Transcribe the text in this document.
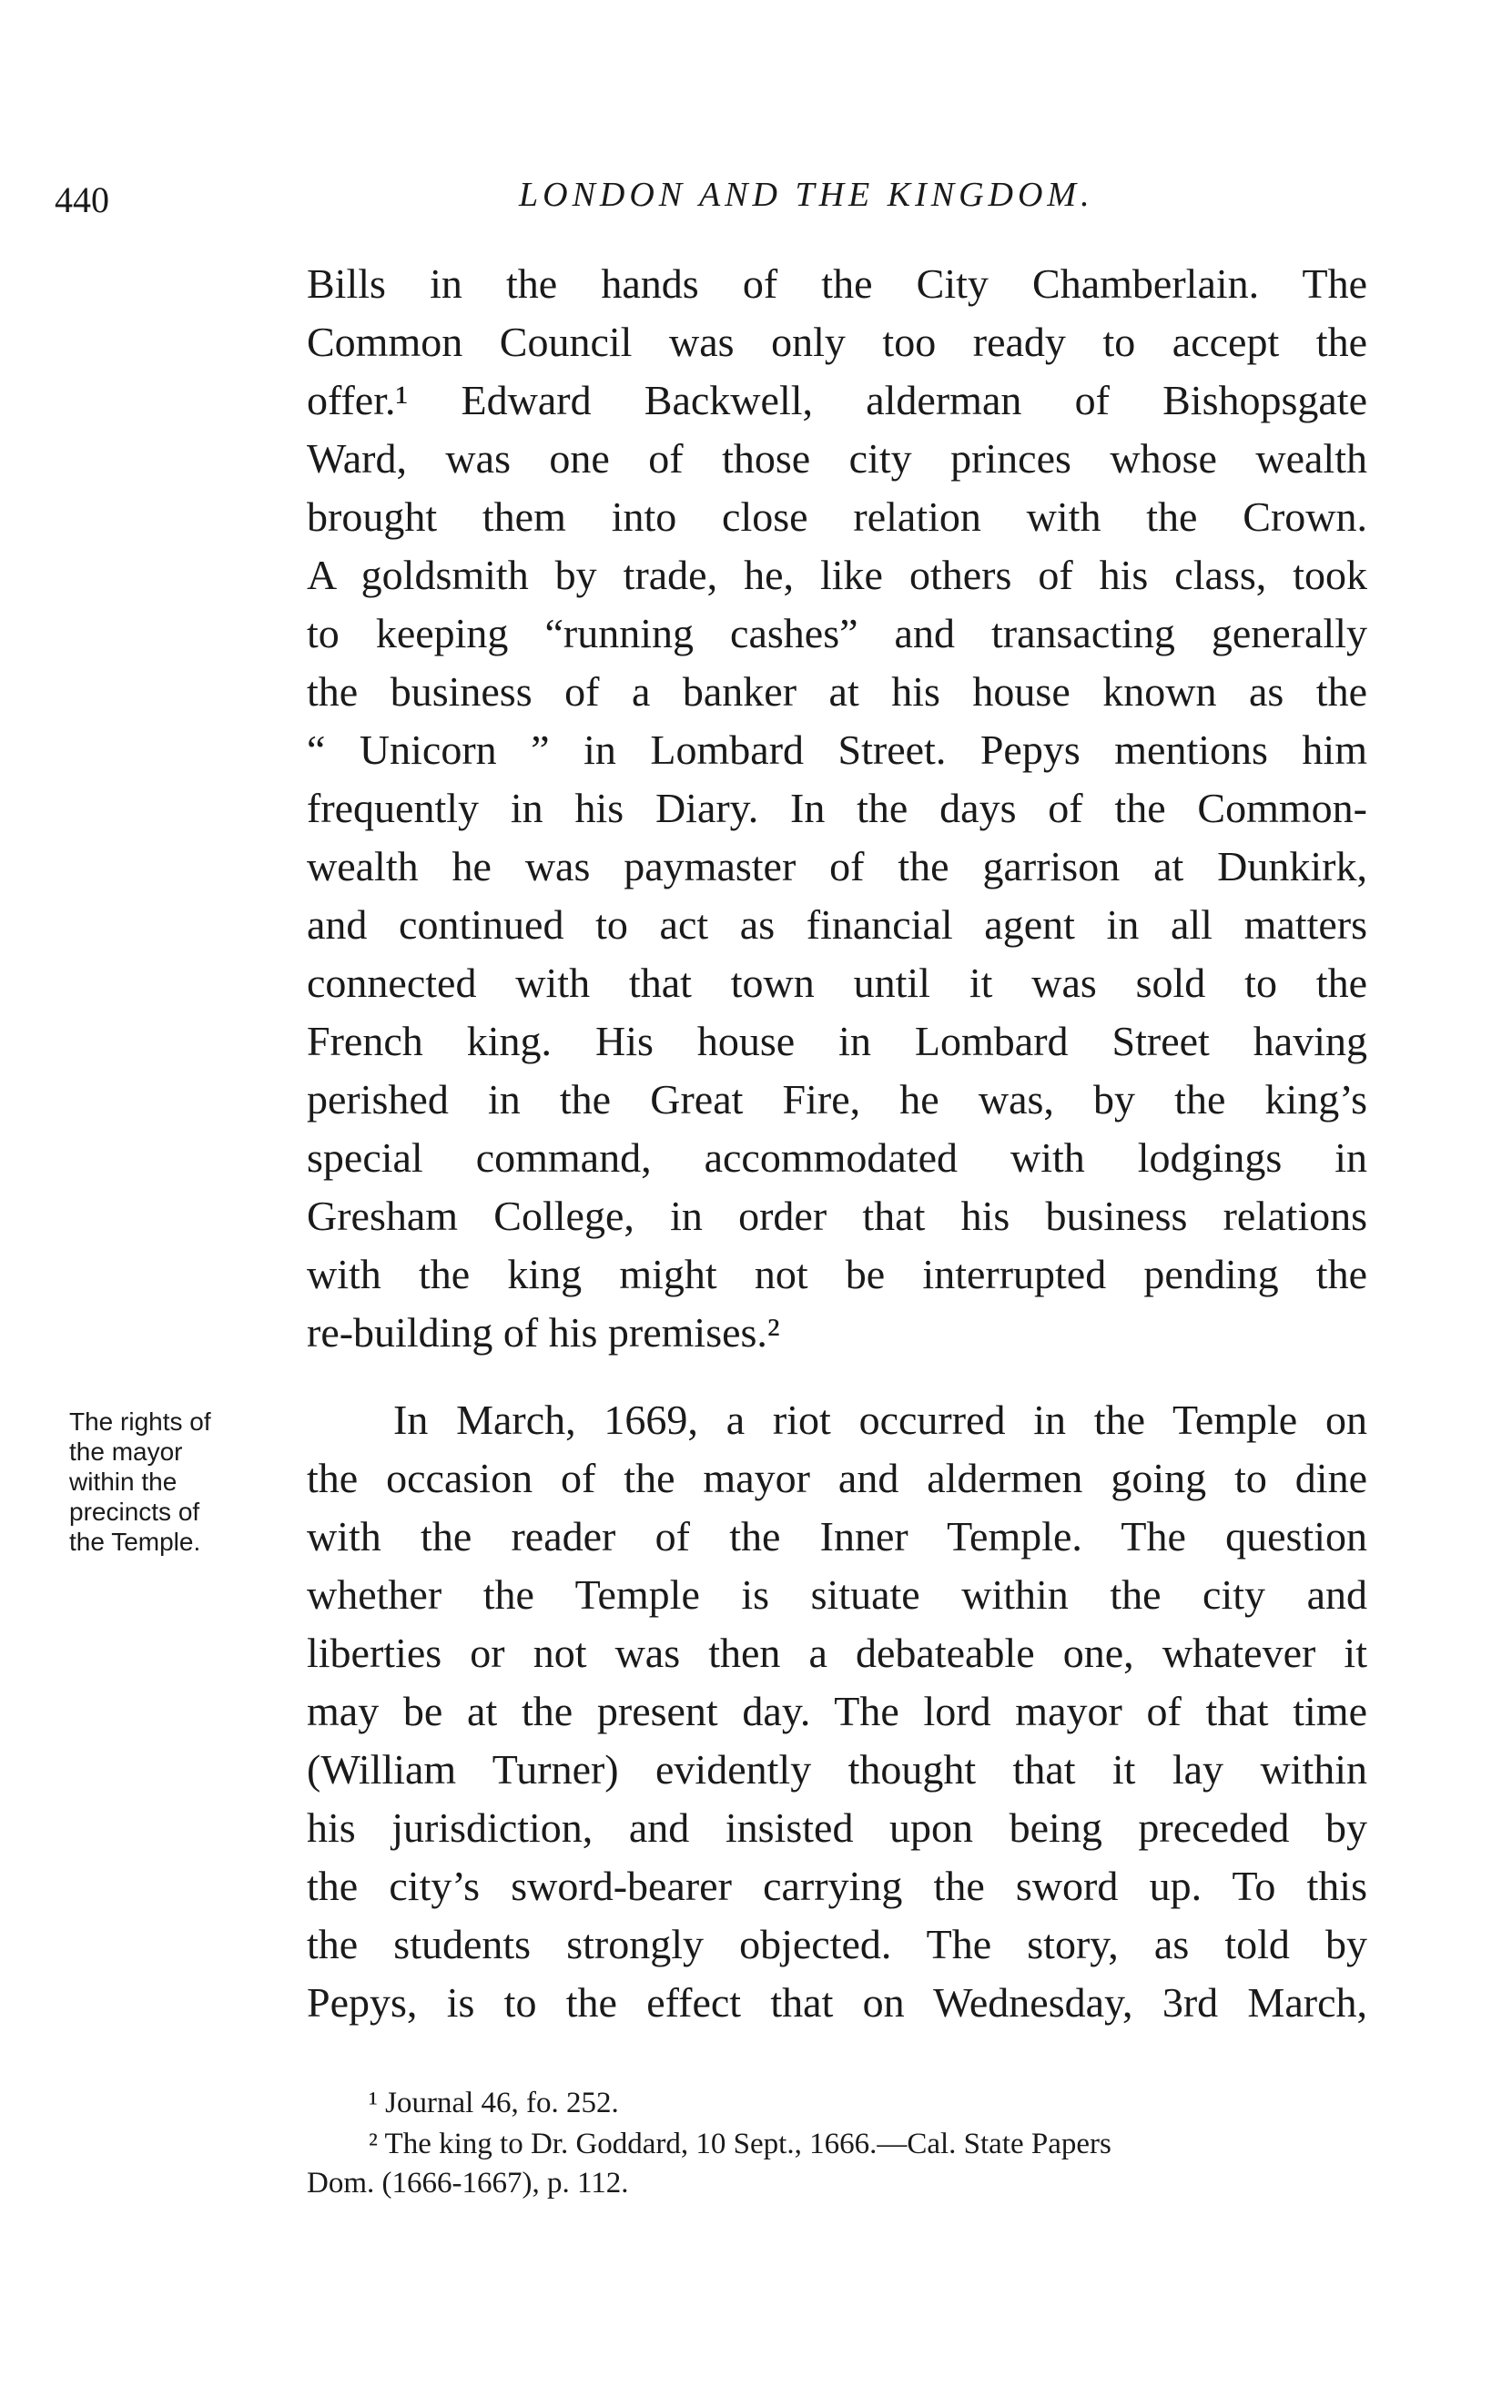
440	LONDON AND THE KINGDOM.
Bills in the hands of the City Chamberlain. The
Common Council was only too ready to accept the
offer.¹ Edward Backwell, alderman of Bishopsgate
Ward, was one of those city princes whose wealth
brought them into close relation with the Crown.
A goldsmith by trade, he, like others of his class, took
to keeping “running cashes” and transacting generally
the business of a banker at his house known as the
“ Unicorn ” in Lombard Street. Pepys mentions him
frequently in his Diary. In the days of the Common-
wealth he was paymaster of the garrison at Dunkirk,
and continued to act as financial agent in all matters
connected with that town until it was sold to the
French king. His house in Lombard Street having
perished in the Great Fire, he was, by the king’s
special command, accommodated with lodgings in
Gresham College, in order that his business relations
with the king might not be interrupted pending the
re-building of his premises.²
The rights of
the mayor
within the
precincts of
the Temple.
In March, 1669, a riot occurred in the Temple on
the occasion of the mayor and aldermen going to dine
with the reader of the Inner Temple. The question
whether the Temple is situate within the city and
liberties or not was then a debateable one, whatever it
may be at the present day. The lord mayor of that time
(William Turner) evidently thought that it lay within
his jurisdiction, and insisted upon being preceded by
the city’s sword-bearer carrying the sword up. To this
the students strongly objected. The story, as told by
Pepys, is to the effect that on Wednesday, 3rd March,
¹ Journal 46, fo. 252.
² The king to Dr. Goddard, 10 Sept., 1666.—Cal. State Papers
Dom. (1666-1667), p. 112.
